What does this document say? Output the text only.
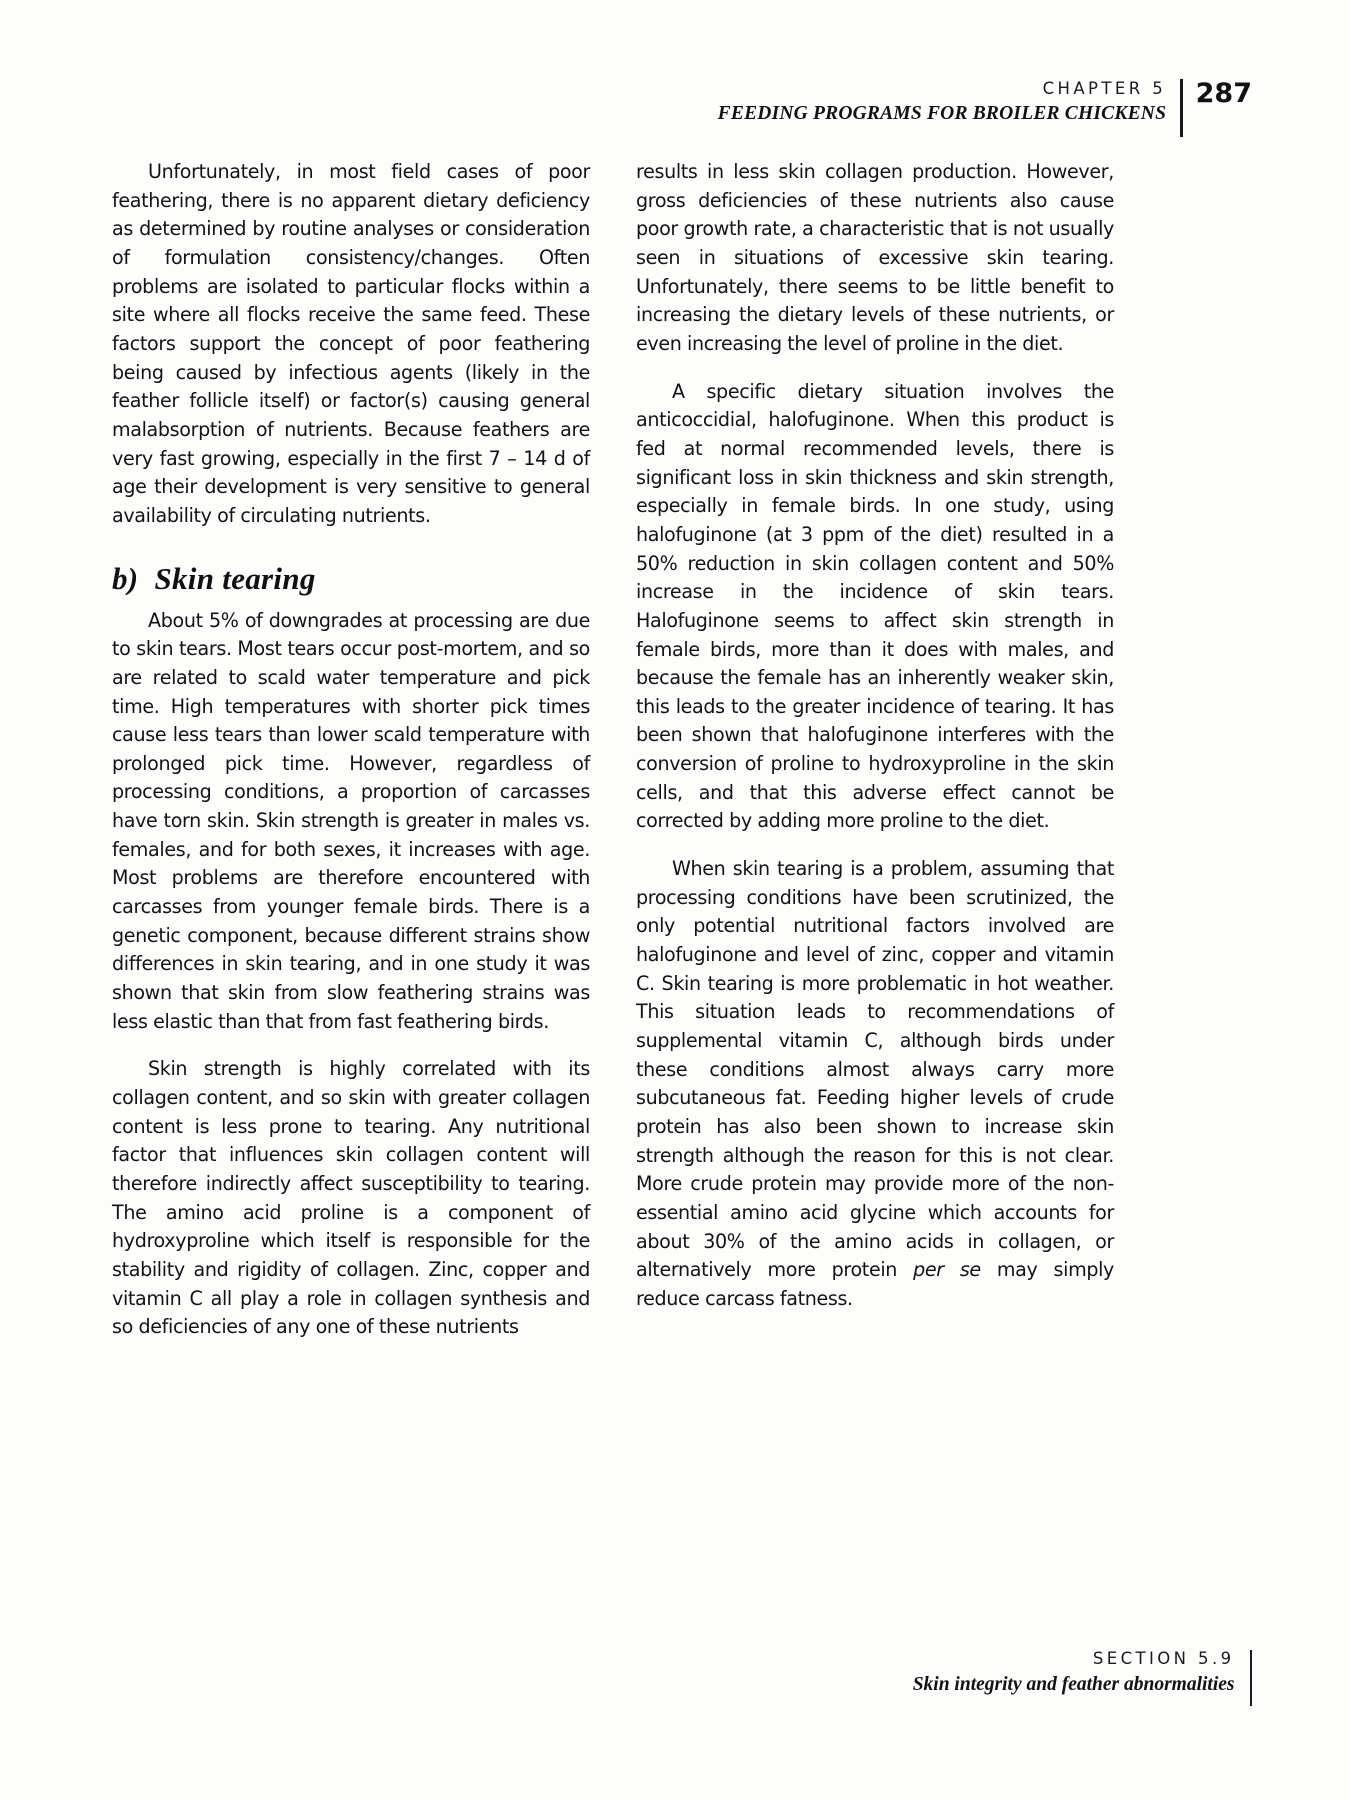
CHAPTER 5
FEEDING PROGRAMS FOR BROILER CHICKENS
287

Unfortunately, in most field cases of poor feathering, there is no apparent dietary deficiency as determined by routine analyses or consideration of formulation consistency/changes. Often problems are isolated to particular flocks within a site where all flocks receive the same feed. These factors support the concept of poor feathering being caused by infectious agents (likely in the feather follicle itself) or factor(s) causing general malabsorption of nutrients. Because feathers are very fast growing, especially in the first 7 – 14 d of age their development is very sensitive to general availability of circulating nutrients.

b) Skin tearing

About 5% of downgrades at processing are due to skin tears. Most tears occur post-mortem, and so are related to scald water temperature and pick time. High temperatures with shorter pick times cause less tears than lower scald temperature with prolonged pick time. However, regardless of processing conditions, a proportion of carcasses have torn skin. Skin strength is greater in males vs. females, and for both sexes, it increases with age. Most problems are therefore encountered with carcasses from younger female birds. There is a genetic component, because different strains show differences in skin tearing, and in one study it was shown that skin from slow feathering strains was less elastic than that from fast feathering birds.

Skin strength is highly correlated with its collagen content, and so skin with greater collagen content is less prone to tearing. Any nutritional factor that influences skin collagen content will therefore indirectly affect susceptibility to tearing. The amino acid proline is a component of hydroxyproline which itself is responsible for the stability and rigidity of collagen. Zinc, copper and vitamin C all play a role in collagen synthesis and so deficiencies of any one of these nutrients

results in less skin collagen production. However, gross deficiencies of these nutrients also cause poor growth rate, a characteristic that is not usually seen in situations of excessive skin tearing. Unfortunately, there seems to be little benefit to increasing the dietary levels of these nutrients, or even increasing the level of proline in the diet.

A specific dietary situation involves the anticoccidial, halofuginone. When this product is fed at normal recommended levels, there is significant loss in skin thickness and skin strength, especially in female birds. In one study, using halofuginone (at 3 ppm of the diet) resulted in a 50% reduction in skin collagen content and 50% increase in the incidence of skin tears. Halofuginone seems to affect skin strength in female birds, more than it does with males, and because the female has an inherently weaker skin, this leads to the greater incidence of tearing. It has been shown that halofuginone interferes with the conversion of proline to hydroxyproline in the skin cells, and that this adverse effect cannot be corrected by adding more proline to the diet.

When skin tearing is a problem, assuming that processing conditions have been scrutinized, the only potential nutritional factors involved are halofuginone and level of zinc, copper and vitamin C. Skin tearing is more problematic in hot weather. This situation leads to recommendations of supplemental vitamin C, although birds under these conditions almost always carry more subcutaneous fat. Feeding higher levels of crude protein has also been shown to increase skin strength although the reason for this is not clear. More crude protein may provide more of the non-essential amino acid glycine which accounts for about 30% of the amino acids in collagen, or alternatively more protein per se may simply reduce carcass fatness.

SECTION 5.9
Skin integrity and feather abnormalities
